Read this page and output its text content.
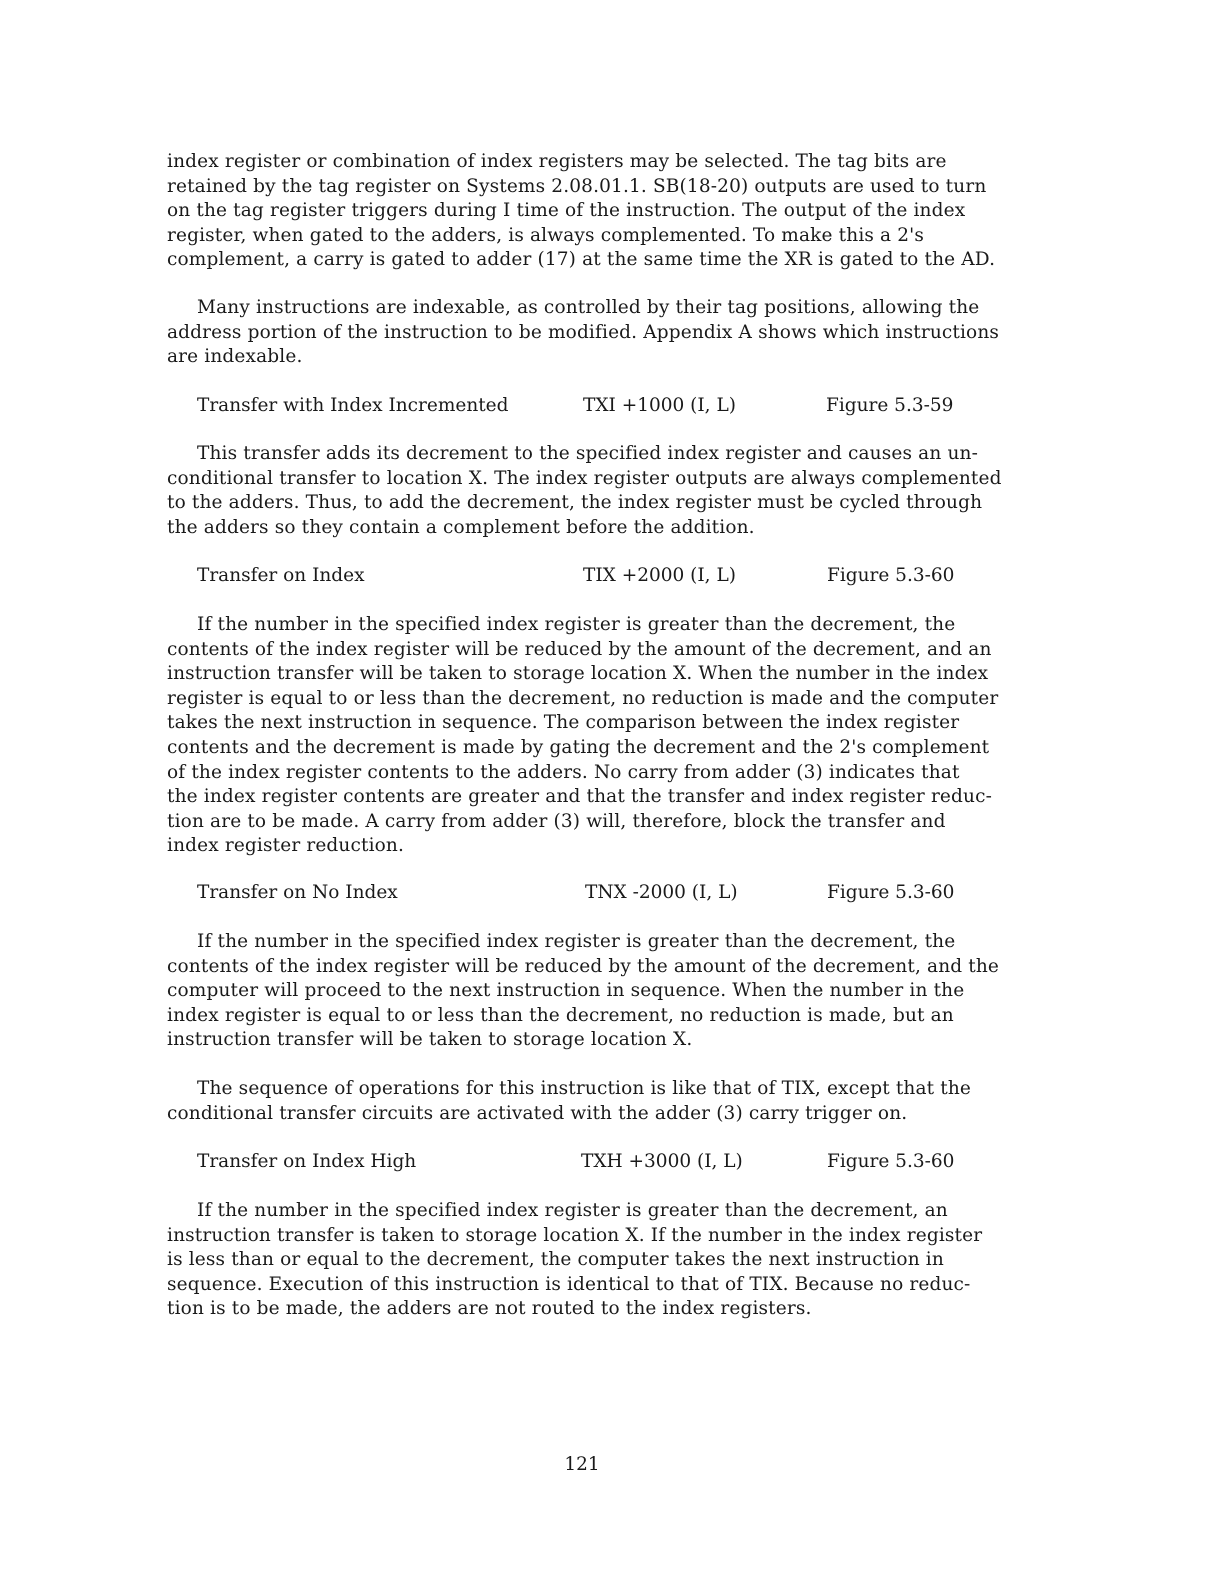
index register or combination of index registers may be selected. The tag bits are
retained by the tag register on Systems 2.08.01.1. SB(18-20) outputs are used to turn
on the tag register triggers during I time of the instruction. The output of the index
register, when gated to the adders, is always complemented. To make this a 2's
complement, a carry is gated to adder (17) at the same time the XR is gated to the AD.
Many instructions are indexable, as controlled by their tag positions, allowing the
address portion of the instruction to be modified. Appendix A shows which instructions
are indexable.
Transfer with Index Incremented	TXI +1000 (I, L)	Figure 5.3-59
This transfer adds its decrement to the specified index register and causes an un-
conditional transfer to location X. The index register outputs are always complemented
to the adders. Thus, to add the decrement, the index register must be cycled through
the adders so they contain a complement before the addition.
Transfer on Index	TIX +2000 (I, L)	Figure 5.3-60
If the number in the specified index register is greater than the decrement, the
contents of the index register will be reduced by the amount of the decrement, and an
instruction transfer will be taken to storage location X. When the number in the index
register is equal to or less than the decrement, no reduction is made and the computer
takes the next instruction in sequence. The comparison between the index register
contents and the decrement is made by gating the decrement and the 2's complement
of the index register contents to the adders. No carry from adder (3) indicates that
the index register contents are greater and that the transfer and index register reduc-
tion are to be made. A carry from adder (3) will, therefore, block the transfer and
index register reduction.
Transfer on No Index	TNX -2000 (I, L)	Figure 5.3-60
If the number in the specified index register is greater than the decrement, the
contents of the index register will be reduced by the amount of the decrement, and the
computer will proceed to the next instruction in sequence. When the number in the
index register is equal to or less than the decrement, no reduction is made, but an
instruction transfer will be taken to storage location X.
The sequence of operations for this instruction is like that of TIX, except that the
conditional transfer circuits are activated with the adder (3) carry trigger on.
Transfer on Index High	TXH +3000 (I, L)	Figure 5.3-60
If the number in the specified index register is greater than the decrement, an
instruction transfer is taken to storage location X. If the number in the index register
is less than or equal to the decrement, the computer takes the next instruction in
sequence. Execution of this instruction is identical to that of TIX. Because no reduc-
tion is to be made, the adders are not routed to the index registers.
121
